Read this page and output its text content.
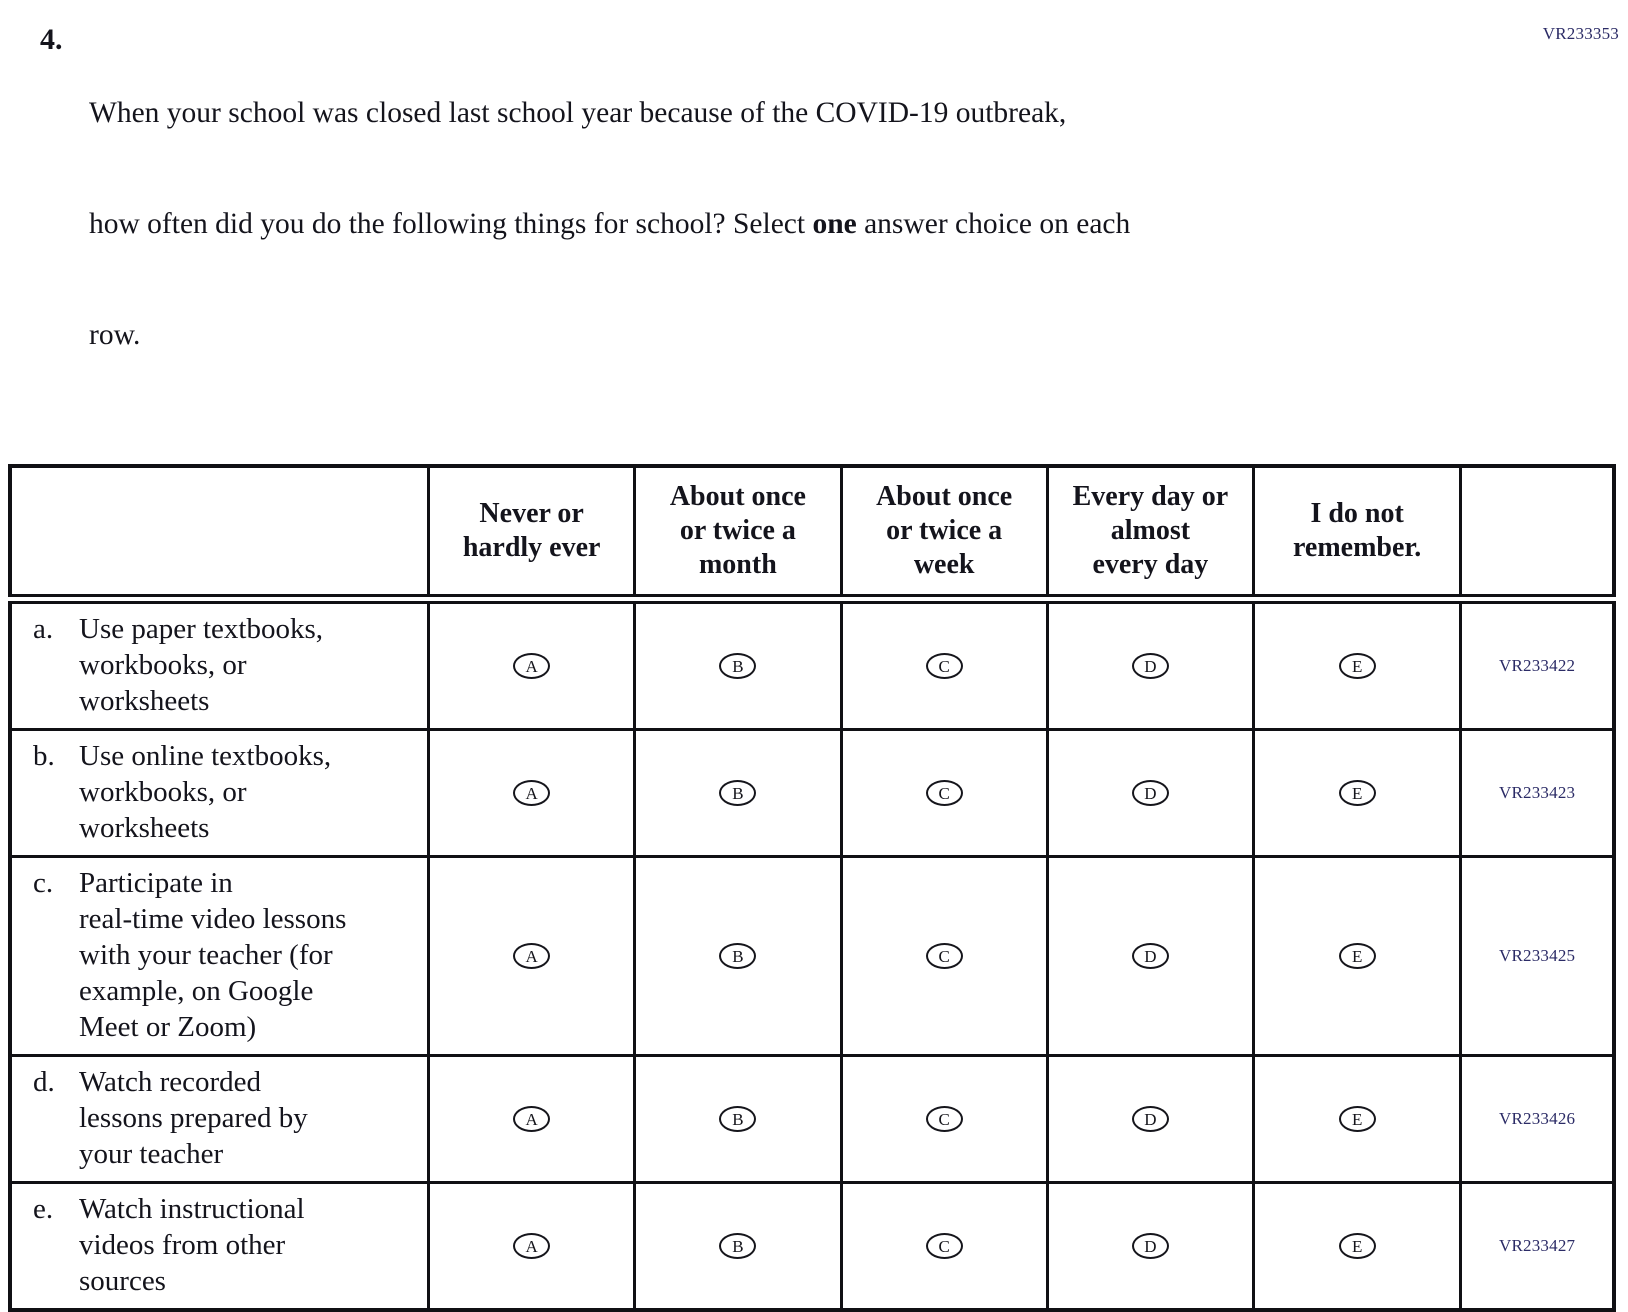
VR233353
4.

When your school was closed last school year because of the COVID-19 outbreak,

how often did you do the following things for school? Select one answer choice on each

row.

	Never or
hardly ever	About once
or twice a
month	About once
or twice a
week	Every day or
almost
every day	I do not
remember.	

a. Use paper textbooks,
workbooks, or
worksheets	A	B	C	D	E	VR233422

b. Use online textbooks,
workbooks, or
worksheets	A	B	C	D	E	VR233423

c. Participate in
real-time video lessons
with your teacher (for
example, on Google
Meet or Zoom)
	A	B	C	D	E	VR233425

d. Watch recorded
lessons prepared by
your teacher	A	B	C	D	E	VR233426

e. Watch instructional
videos from other
sources	A	B	C	D	E	VR233427
